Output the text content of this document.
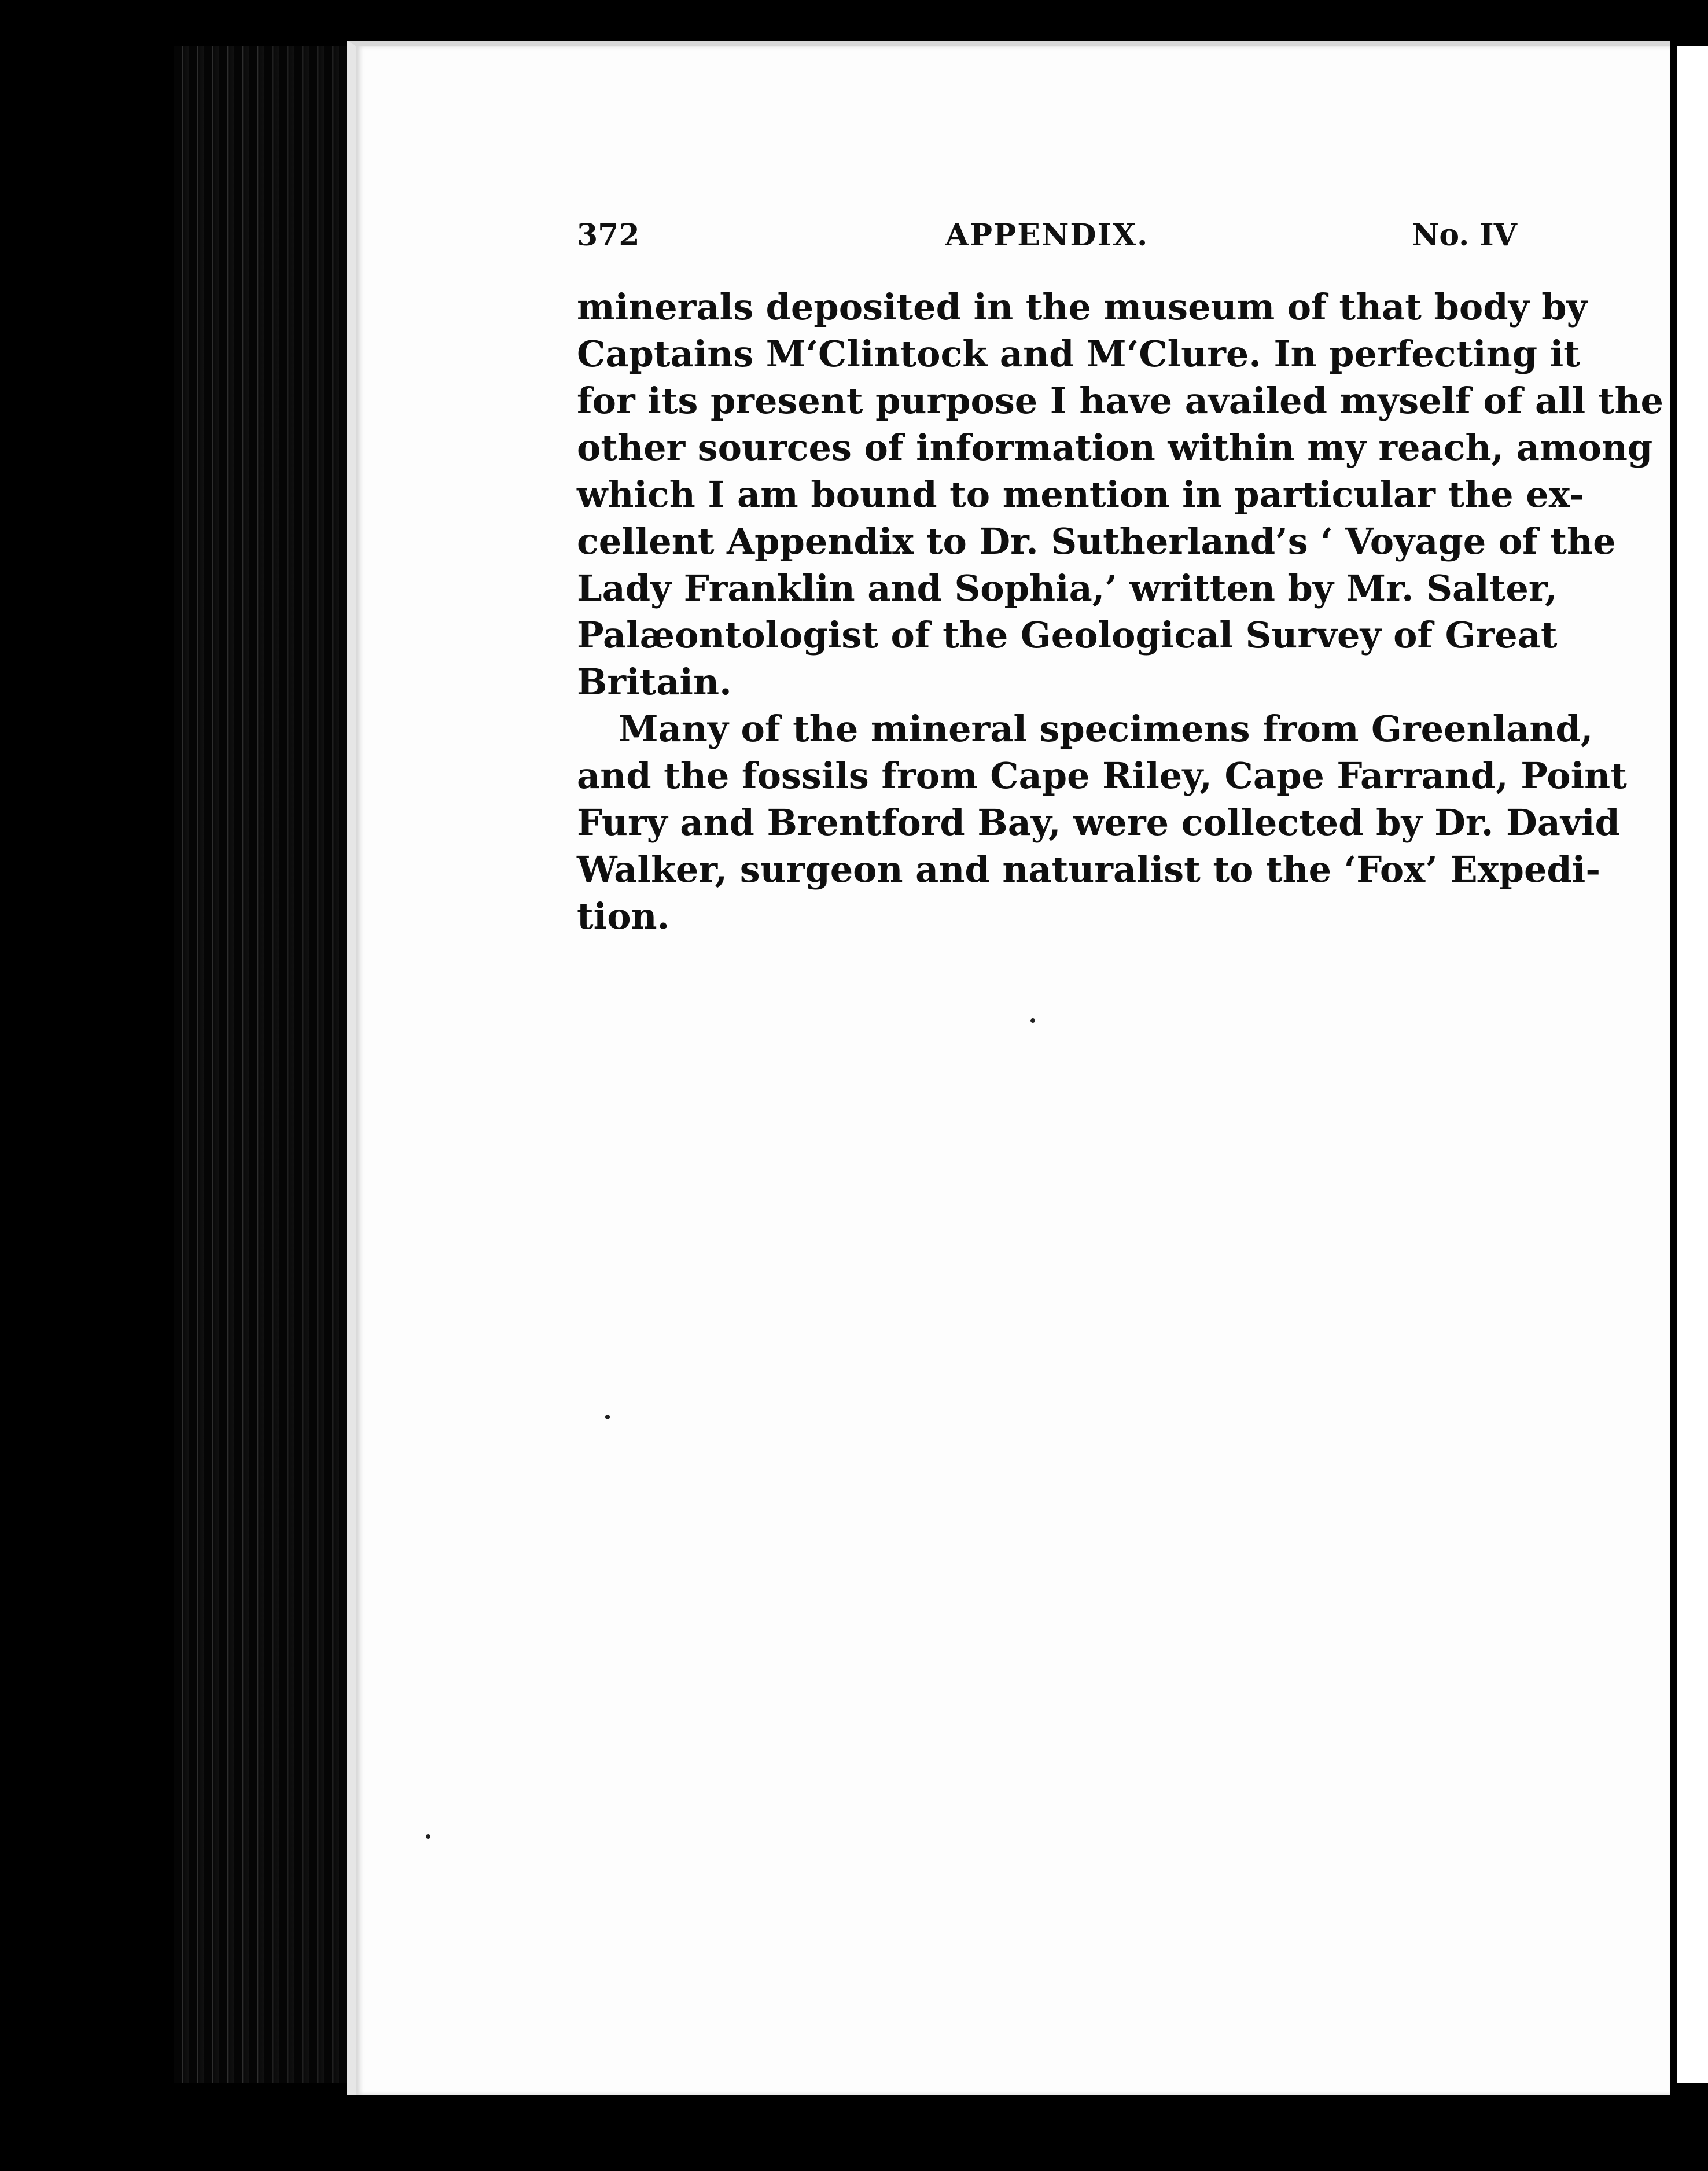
372	APPENDIX.	No. IV
minerals deposited in the museum of that body by
Captains M‘Clintock and M‘Clure. In perfecting it
for its present purpose I have availed myself of all the
other sources of information within my reach, among
which I am bound to mention in particular the ex-
cellent Appendix to Dr. Sutherland’s ‘ Voyage of the
Lady Franklin and Sophia,’ written by Mr. Salter,
Palæontologist of the Geological Survey of Great
Britain.
Many of the mineral specimens from Greenland,
and the fossils from Cape Riley, Cape Farrand, Point
Fury and Brentford Bay, were collected by Dr. David
Walker, surgeon and naturalist to the ‘Fox’ Expedi-
tion.
